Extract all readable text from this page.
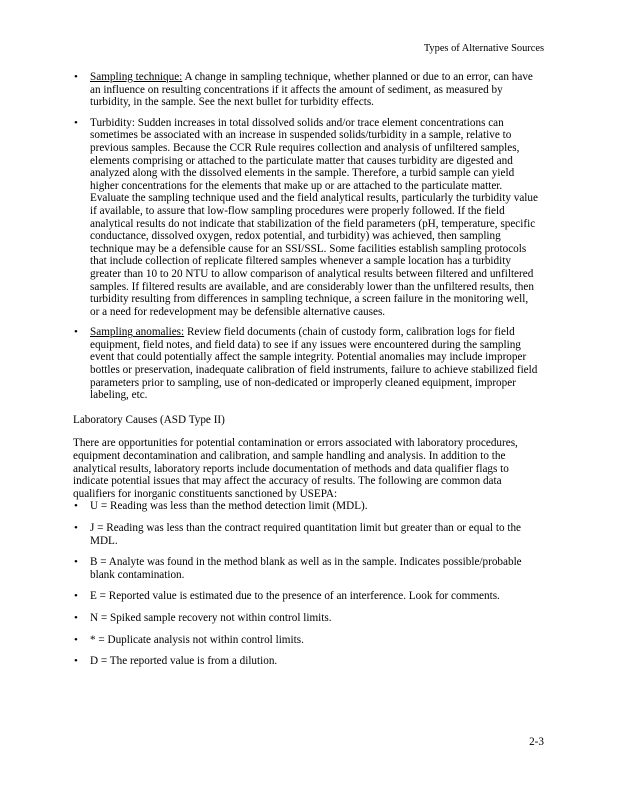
Types of Alternative Sources
• Sampling technique: A change in sampling technique, whether planned or due to an error, can have an influence on resulting concentrations if it affects the amount of sediment, as measured by turbidity, in the sample. See the next bullet for turbidity effects.
• Turbidity: Sudden increases in total dissolved solids and/or trace element concentrations can sometimes be associated with an increase in suspended solids/turbidity in a sample, relative to previous samples. Because the CCR Rule requires collection and analysis of unfiltered samples, elements comprising or attached to the particulate matter that causes turbidity are digested and analyzed along with the dissolved elements in the sample. Therefore, a turbid sample can yield higher concentrations for the elements that make up or are attached to the particulate matter. Evaluate the sampling technique used and the field analytical results, particularly the turbidity value if available, to assure that low-flow sampling procedures were properly followed. If the field analytical results do not indicate that stabilization of the field parameters (pH, temperature, specific conductance, dissolved oxygen, redox potential, and turbidity) was achieved, then sampling technique may be a defensible cause for an SSI/SSL. Some facilities establish sampling protocols that include collection of replicate filtered samples whenever a sample location has a turbidity greater than 10 to 20 NTU to allow comparison of analytical results between filtered and unfiltered samples. If filtered results are available, and are considerably lower than the unfiltered results, then turbidity resulting from differences in sampling technique, a screen failure in the monitoring well, or a need for redevelopment may be defensible alternative causes.
• Sampling anomalies: Review field documents (chain of custody form, calibration logs for field equipment, field notes, and field data) to see if any issues were encountered during the sampling event that could potentially affect the sample integrity. Potential anomalies may include improper bottles or preservation, inadequate calibration of field instruments, failure to achieve stabilized field parameters prior to sampling, use of non-dedicated or improperly cleaned equipment, improper labeling, etc.
Laboratory Causes (ASD Type II)

There are opportunities for potential contamination or errors associated with laboratory procedures, equipment decontamination and calibration, and sample handling and analysis. In addition to the analytical results, laboratory reports include documentation of methods and data qualifier flags to indicate potential issues that may affect the accuracy of results. The following are common data qualifiers for inorganic constituents sanctioned by USEPA:

• U = Reading was less than the method detection limit (MDL).
• J = Reading was less than the contract required quantitation limit but greater than or equal to the MDL.
• B = Analyte was found in the method blank as well as in the sample. Indicates possible/probable blank contamination.
• E = Reported value is estimated due to the presence of an interference. Look for comments.
• N = Spiked sample recovery not within control limits.
• * = Duplicate analysis not within control limits.
• D = The reported value is from a dilution.
2-3
